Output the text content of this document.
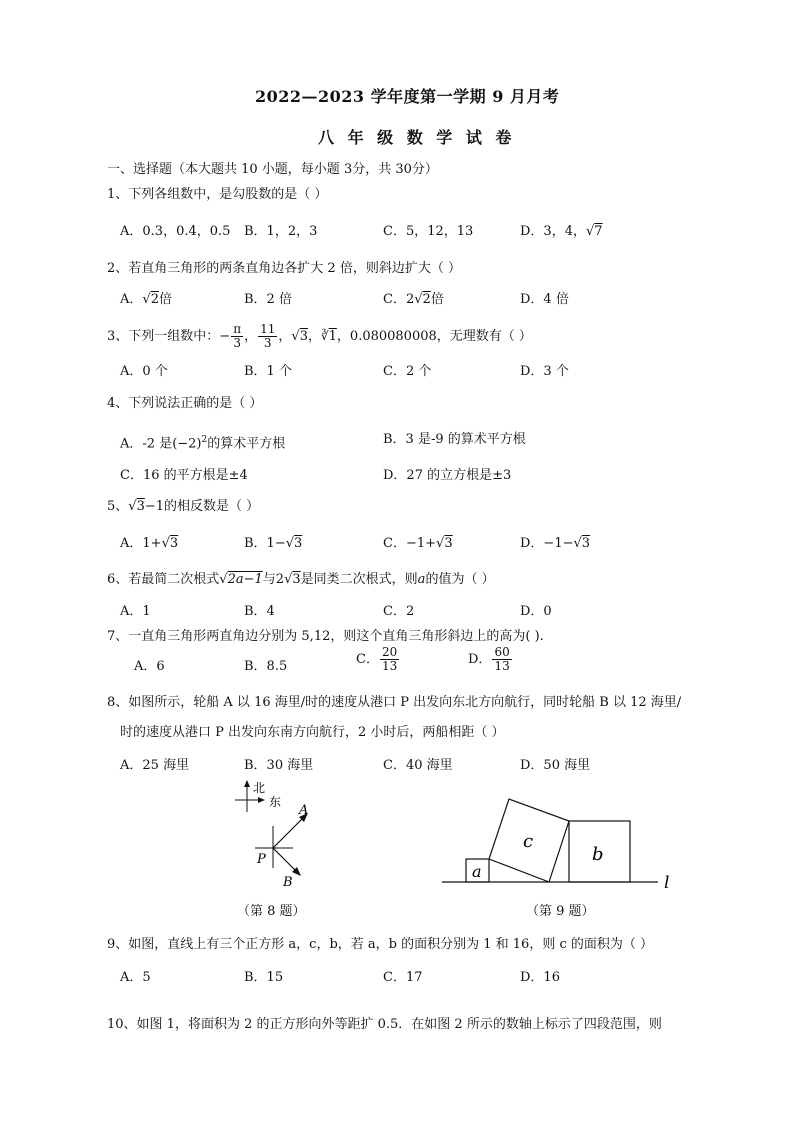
2022—2023 学年度第一学期 9 月月考
八 年 级 数 学 试 卷
一、选择题（本大题共 10 小题，每小题 3分，共 30分）
1、下列各组数中，是勾股数的是（ ）
A．0.3，0.4，0.5 B．1，2，3	C．5，12，13	D．3，4，√7
2、若直角三角形的两条直角边各扩大 2 倍，则斜边扩大（ ）
A．√2倍	B．2 倍	C．2√2倍	D．4 倍
3、下列一组数中：− $\frac{\pi}{3}$ ， $\frac{11}{3}$ ，√3，∛1，0.080080008，无理数有（ ）
A．0 个	B．1 个	C．2 个	D．3 个
4、下列说法正确的是（ ）
A．-2 是$(-2)^2$的算术平方根	B．3 是-9 的算术平方根
C．16 的平方根是±4	D．27 的立方根是±3
5、√3−1的相反数是（ ）
A．1+√3	B．1−√3	C．−1+√3	D．−1−√3
6、若最简二次根式√2a−1与2√3是同类二次根式，则a的值为（ ）
A．1	B．4	C．2	D．0
7、一直角三角形两直角边分别为 5,12，则这个直角三角形斜边上的高为( ).
A．6	B．8.5	C． $\frac{20}{13}$	D． $\frac{60}{13}$
8、如图所示，轮船 A 以 16 海里/时的速度从港口 P 出发向东北方向航行，同时轮船 B 以 12 海里/
时的速度从港口 P 出发向东南方向航行，2 小时后，两船相距（ ）
A．25 海里	B．30 海里	C．40 海里	D．50 海里
北
东
A
P
B
（第 8 题）
a
c
b
l
（第 9 题）
9、如图，直线上有三个正方形 a，c，b，若 a，b 的面积分别为 1 和 16，则 c 的面积为（ ）
A．5	B．15	C．17	D．16
10、如图 1，将面积为 2 的正方形向外等距扩 0.5．在如图 2 所示的数轴上标示了四段范围，则
